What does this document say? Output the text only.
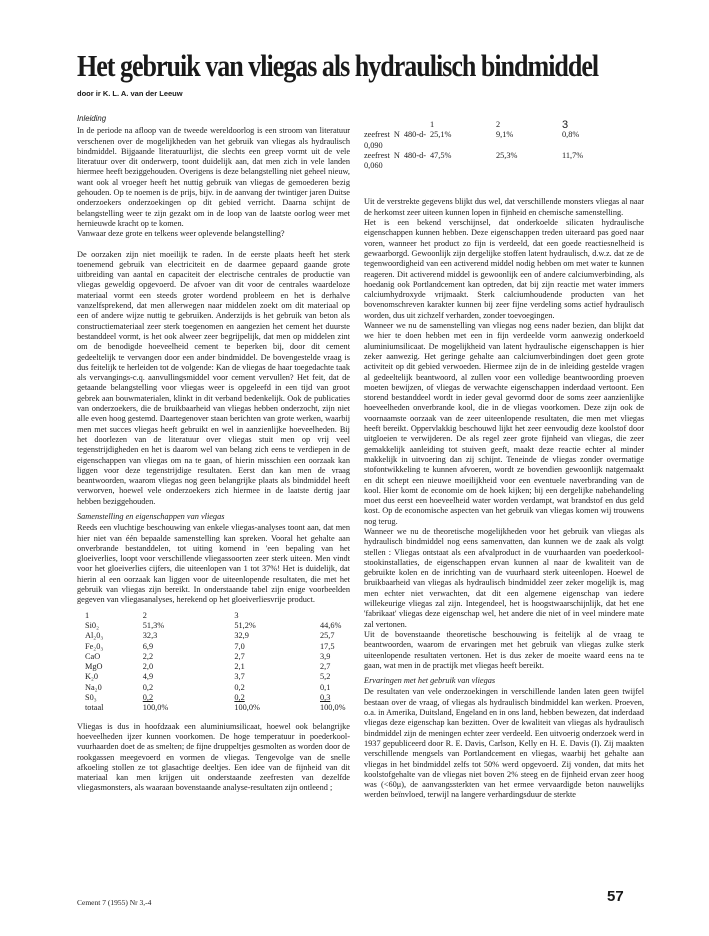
Het gebruik van vliegas als hydraulisch bindmiddel
door ir K. L. A. van der Leeuw
Inleiding

In de periode na afloop van de tweede wereldoorlog is een stroom van literatuur verschenen over de mogelijkheden van het gebruik van vliegas als hydraulisch bindmiddel. Bijgaande literatuurlijst, die slechts een greep vormt uit de vele literatuur over dit onderwerp, toont duidelijk aan, dat men zich in vele landen hiermee heeft beziggehouden. Overigens is deze belangstelling niet geheel nieuw, want ook al vroeger heeft het nuttig gebruik van vliegas de gemoederen bezig gehouden. Op te noemen is de prijs, bijv. in de aanvang der twintiger jaren Duitse onderzoekers onderzoekingen op dit gebied verricht. Daarna schijnt de belangstelling weer te zijn gezakt om in de loop van de laatste oorlog weer met hernieuwde kracht op te komen.

Vanwaar deze grote en telkens weer oplevende belangstelling?

De oorzaken zijn niet moeilijk te raden. In de eerste plaats heeft het sterk toenemend gebruik van electriciteit en de daarmee gepaard gaande grote uitbreiding van aantal en capaciteit der electrische centrales de productie van vliegas geweldig opgevoerd. De afvoer van dit voor de centrales waardeloze materiaal vormt een steeds groter wordend probleem en het is derhalve vanzelfsprekend, dat men allerwegen naar middelen zoekt om dit materiaal op een of andere wijze nuttig te gebruiken. Anderzijds is het gebruik van beton als constructiemateriaal zeer sterk toegenomen en aangezien het cement het duurste bestanddeel vormt, is het ook alweer zeer begrijpelijk, dat men op middelen zint om de benodigde hoeveelheid cement te beperken bij, door dit cement gedeeltelijk te vervangen door een ander bindmiddel. De bovengestelde vraag is dus feitelijk te herleiden tot de volgende: Kan de vliegas de haar toegedachte taak als vervangings-c.q. aanvullingsmiddel voor cement vervullen? Het feit, dat de getaande belangstelling voor vliegas weer is opgeleefd in een tijd van groot gebrek aan bouwmaterialen, klinkt in dit verband bedenkelijk. Ook de publicaties van onderzoekers, die de bruikbaarheid van vliegas hebben onderzocht, zijn niet alle even hoog gestemd. Daartegenover staan berichten van grote werken, waarbij men met succes vliegas heeft gebruikt en wel in aanzienlijke hoeveelheden. Bij het doorlezen van de literatuur over vliegas stuit men op vrij veel tegenstrijdigheden en het is daarom wel van belang zich eens te verdiepen in de eigenschappen van vliegas om na te gaan, of hierin misschien een oorzaak kan liggen voor deze tegenstrijdige resultaten. Eerst dan kan men de vraag beantwoorden, waarom vliegas nog geen belangrijke plaats als bindmiddel heeft verworven, hoewel vele onderzoekers zich hiermee in de laatste dertig jaar hebben beziggehouden.

Samenstelling en eigenschappen van vliegas

Reeds een vluchtige beschouwing van enkele vliegas-analyses toont aan, dat men hier niet van één bepaalde samenstelling kan spreken. Vooral het gehalte aan onverbrande bestanddelen, tot uiting komend in 'een bepaling van het gloeiverlies, loopt voor verschillende vliegassoorten zeer sterk uiteen. Men vindt voor het gloeiverlies cijfers, die uiteenlopen van 1 tot 37%! Het is duidelijk, dat hierin al een oorzaak kan liggen voor de uiteenlopende resultaten, die met het gebruik van vliegas zijn bereikt. In onderstaande tabel zijn enige voorbeelden gegeven van vliegasanalyses, herekend op het gloeiverliesvrije product.

1	2	3	
Si0₂	51,3%	51,2%	44,6%
Al₂0₃	32,3	32,9	25,7
Fe₂0₃	6,9	7,0	17,5
CaO	2,2	2,7	3,9
MgO	2,0	2,1	2,7
K₂0	4,9	3,7	5,2
Na₂0	0,2	0,2	0,1
S0₃	0,2	0,2	0,3
totaal	100,0%	100,0%	100,0%

Vliegas is dus in hoofdzaak een aluminiumsilicaat, hoewel ook belangrijke hoeveelheden ijzer kunnen voorkomen. De hoge temperatuur in poederkool-vuurhaarden doet de as smelten; de fijne druppeltjes gesmolten as worden door de rookgassen meegevoerd en vormen de vliegas. Tengevolge van de snelle afkoeling stollen ze tot glasachtige deeltjes. Een idee van de fijnheid van dit materiaal kan men krijgen uit onderstaande zeefresten van dezelfde vliegasmonsters, als waaraan bovenstaande analyse-resultaten zijn ontleend ;

	1	2	3
zeefrest N 480-d-0,090	25,1%	9,1%	0,8%
zeefrest N 480-d-0,060	47,5%	25,3%	11,7%

Uit de verstrekte gegevens blijkt dus wel, dat verschillende monsters vliegas al naar de herkomst zeer uiteen kunnen lopen in fijnheid en chemische samenstelling.

Het is een bekend verschijnsel, dat onderkoelde silicaten hydraulische eigenschappen kunnen hebben. Deze eigenschappen treden uiteraard pas goed naar voren, wanneer het product zo fijn is verdeeld, dat een goede reactiesnelheid is gewaarborgd. Gewoonlijk zijn dergelijke stoffen latent hydraulisch, d.w.z. dat ze de tegenwoordigheid van een activerend middel nodig hebben om met water te kunnen reageren. Dit activerend middel is gewoonlijk een of andere calciumverbinding, als hoedanig ook Portlandcement kan optreden, dat bij zijn reactie met water immers calciumhydroxyde vrijmaakt. Sterk calciumhoudende producten van het bovenomschreven karakter kunnen bij zeer fijne verdeling soms actief hydraulisch worden, dus uit zichzelf verharden, zonder toevoegingen.

Wanneer we nu de samenstelling van vliegas nog eens nader bezien, dan blijkt dat we hier te doen hebben met een in fijn verdeelde vorm aanwezig onderkoeld aluminiumsilicaat. De mogelijkheid van latent hydraulische eigenschappen is hier zeker aanwezig. Het geringe gehalte aan calciumverbindingen doet geen grote activiteit op dit gebied verwoeden. Hiermee zijn de in de inleiding gestelde vragen al gedeeltelijk beantwoord, al zullen voor een volledige beantwoording proeven moeten bewijzen, of vliegas de verwachte eigenschappen inderdaad vertoont. Een storend bestanddeel wordt in ieder geval gevormd door de soms zeer aanzienlijke hoeveelheden onverbrande kool, die in de vliegas voorkomen. Deze zijn ook de voornaamste oorzaak van de zeer uiteenlopende resultaten, die men met vliegas heeft bereikt. Oppervlakkig beschouwd lijkt het zeer eenvoudig deze koolstof door uitgloeien te verwijderen. De als regel zeer grote fijnheid van vliegas, die zeer gemakkelijk aanleiding tot stuiven geeft, maakt deze reactie echter al minder makkelijk in uitvoering dan zij schijnt. Teneinde de vliegas zonder overmatige stofontwikkeling te kunnen afvoeren, wordt ze bovendien gewoonlijk natgemaakt en dit schept een nieuwe moeilijkheid voor een eventuele naverbranding van de kool. Hier komt de economie om de hoek kijken; bij een dergelijke nabehandeling moet dus eerst een hoeveelheid water worden verdampt, wat brandstof en dus geld kost. Op de economische aspecten van het gebruik van vliegas komen wij trouwens nog terug.

Wanneer we nu de theoretische mogelijkheden voor het gebruik van vliegas als hydraulisch bindmiddel nog eens samenvatten, dan kunnen we de zaak als volgt stellen : Vliegas ontstaat als een afvalproduct in de vuurhaarden van poederkool-stookinstallaties, de eigenschappen ervan kunnen al naar de kwaliteit van de gebruikte kolen en de inrichting van de vuurhaard sterk uiteenlopen. Hoewel de bruikbaarheid van vliegas als hydraulisch bindmiddel zeer zeker mogelijk is, mag men echter niet verwachten, dat dit een algemene eigenschap van iedere willekeurige vliegas zal zijn. Integendeel, het is hoogstwaarschijnlijk, dat het ene 'fabrikaat' vliegas deze eigenschap wel, het andere die niet of in veel mindere mate zal vertonen.

Uit de bovenstaande theoretische beschouwing is feitelijk al de vraag te beantwoorden, waarom de ervaringen met het gebruik van vliegas zulke sterk uiteenlopende resultaten vertonen. Het is dus zeker de moeite waard eens na te gaan, wat men in de practijk met vliegas heeft bereikt.

Ervaringen met het gebruik van vliegas

De resultaten van vele onderzoekingen in verschillende landen laten geen twijfel bestaan over de vraag, of vliegas als hydraulisch bindmiddel kan werken. Proeven, o.a. in Amerika, Duitsland, Engeland en in ons land, hebben bewezen, dat inderdaad vliegas deze eigenschap kan bezitten. Over de kwaliteit van vliegas als hydraulisch bindmiddel zijn de meningen echter zeer verdeeld. Een uitvoerig onderzoek werd in 1937 gepubliceerd door R. E. Davis, Carlson, Kelly en H. E. Davis (I). Zij maakten verschillende mengsels van Portlandcement en vliegas, waarbij het gehalte aan vliegas in het bindmiddel zelfs tot 50% werd opgevoerd. Zij vonden, dat mits het koolstofgehalte van de vliegas niet boven 2% steeg en de fijnheid ervan zeer hoog was (<60μ), de aanvangssterkten van het ermee vervaardigde beton nauwelijks werden beïnvloed, terwijl na langere verhardingsduur de sterkte

Cement 7 (1955) Nr 3,-4	57
